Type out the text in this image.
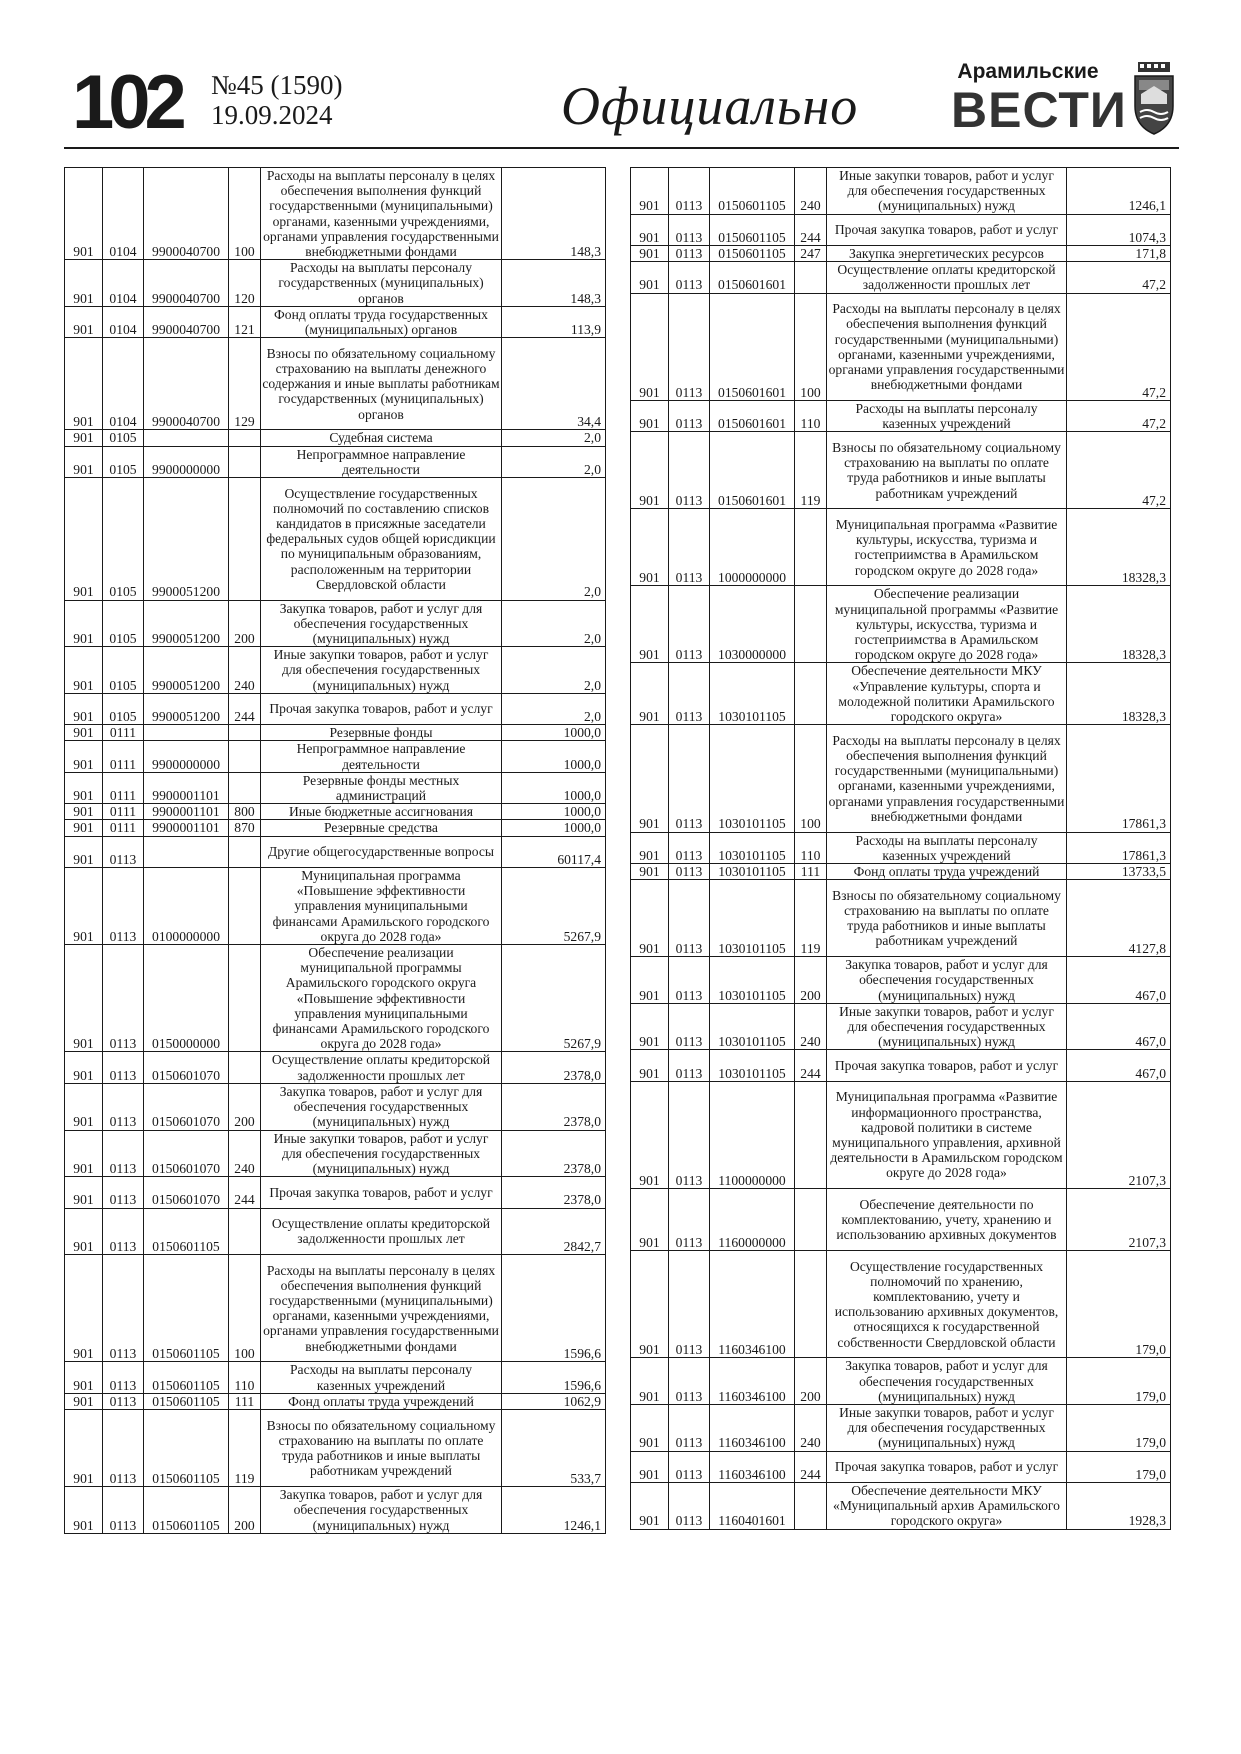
102 №45 (1590)
19.09.2024	Официально
Арамильские
ВЕСТИ
901	0104	9900040700	100	Расходы на выплаты персоналу в целях обеспечения выполнения функций государственными (муниципальными) органами, казенными учреждениями, органами управления государственными внебюджетными фондами	148,3
901	0104	9900040700	120	Расходы на выплаты персоналу государственных (муниципальных) органов	148,3
901	0104	9900040700	121	Фонд оплаты труда государственных (муниципальных) органов	113,9
901	0104	9900040700	129	Взносы по обязательному социальному страхованию на выплаты денежного содержания и иные выплаты работникам государственных (муниципальных) органов	34,4
901	0105			Судебная система	2,0
901	0105	9900000000		Непрограммное направление деятельности	2,0
901	0105	9900051200		Осуществление государственных полномочий по составлению списков кандидатов в присяжные заседатели федеральных судов общей юрисдикции по муниципальным образованиям, расположенным на территории Свердловской области	2,0
901	0105	9900051200	200	Закупка товаров, работ и услуг для обеспечения государственных (муниципальных) нужд	2,0
901	0105	9900051200	240	Иные закупки товаров, работ и услуг для обеспечения государственных (муниципальных) нужд	2,0
901	0105	9900051200	244	Прочая закупка товаров, работ и услуг	2,0
901	0111			Резервные фонды	1000,0
901	0111	9900000000		Непрограммное направление деятельности	1000,0
901	0111	9900001101		Резервные фонды местных администраций	1000,0
901	0111	9900001101	800	Иные бюджетные ассигнования	1000,0
901	0111	9900001101	870	Резервные средства	1000,0
901	0113			Другие общегосударственные вопросы	60117,4
901	0113	0100000000		Муниципальная программа «Повышение эффективности управления муниципальными финансами Арамильского городского округа до 2028 года»	5267,9
901	0113	0150000000		Обеспечение реализации муниципальной программы Арамильского городского округа «Повышение эффективности управления муниципальными финансами Арамильского городского округа до 2028 года»	5267,9
901	0113	0150601070		Осуществление оплаты кредиторской задолженности прошлых лет	2378,0
901	0113	0150601070	200	Закупка товаров, работ и услуг для обеспечения государственных (муниципальных) нужд	2378,0
901	0113	0150601070	240	Иные закупки товаров, работ и услуг для обеспечения государственных (муниципальных) нужд	2378,0
901	0113	0150601070	244	Прочая закупка товаров, работ и услуг	2378,0
901	0113	0150601105		Осуществление оплаты кредиторской задолженности прошлых лет	2842,7
901	0113	0150601105	100	Расходы на выплаты персоналу в целях обеспечения выполнения функций государственными (муниципальными) органами, казенными учреждениями, органами управления государственными внебюджетными фондами	1596,6
901	0113	0150601105	110	Расходы на выплаты персоналу казенных учреждений	1596,6
901	0113	0150601105	111	Фонд оплаты труда учреждений	1062,9
901	0113	0150601105	119	Взносы по обязательному социальному страхованию на выплаты по оплате труда работников и иные выплаты работникам учреждений	533,7
901	0113	0150601105	200	Закупка товаров, работ и услуг для обеспечения государственных (муниципальных) нужд	1246,1
901	0113	0150601105	240	Иные закупки товаров, работ и услуг для обеспечения государственных (муниципальных) нужд	1246,1
901	0113	0150601105	244	Прочая закупка товаров, работ и услуг	1074,3
901	0113	0150601105	247	Закупка энергетических ресурсов	171,8
901	0113	0150601601		Осуществление оплаты кредиторской задолженности прошлых лет	47,2
901	0113	0150601601	100	Расходы на выплаты персоналу в целях обеспечения выполнения функций государственными (муниципальными) органами, казенными учреждениями, органами управления государственными внебюджетными фондами	47,2
901	0113	0150601601	110	Расходы на выплаты персоналу казенных учреждений	47,2
901	0113	0150601601	119	Взносы по обязательному социальному страхованию на выплаты по оплате труда работников и иные выплаты работникам учреждений	47,2
901	0113	1000000000		Муниципальная программа «Развитие культуры, искусства, туризма и гостеприимства в Арамильском городском округе до 2028 года»	18328,3
901	0113	1030000000		Обеспечение реализации муниципальной программы «Развитие культуры, искусства, туризма и гостеприимства в Арамильском городском округе до 2028 года»	18328,3
901	0113	1030101105		Обеспечение деятельности МКУ «Управление культуры, спорта и молодежной политики Арамильского городского округа»	18328,3
901	0113	1030101105	100	Расходы на выплаты персоналу в целях обеспечения выполнения функций государственными (муниципальными) органами, казенными учреждениями, органами управления государственными внебюджетными фондами	17861,3
901	0113	1030101105	110	Расходы на выплаты персоналу казенных учреждений	17861,3
901	0113	1030101105	111	Фонд оплаты труда учреждений	13733,5
901	0113	1030101105	119	Взносы по обязательному социальному страхованию на выплаты по оплате труда работников и иные выплаты работникам учреждений	4127,8
901	0113	1030101105	200	Закупка товаров, работ и услуг для обеспечения государственных (муниципальных) нужд	467,0
901	0113	1030101105	240	Иные закупки товаров, работ и услуг для обеспечения государственных (муниципальных) нужд	467,0
901	0113	1030101105	244	Прочая закупка товаров, работ и услуг	467,0
901	0113	1100000000		Муниципальная программа «Развитие информационного пространства, кадровой политики в системе муниципального управления, архивной деятельности в Арамильском городском округе до 2028 года»	2107,3
901	0113	1160000000		Обеспечение деятельности по комплектованию, учету, хранению и использованию архивных документов	2107,3
901	0113	1160346100		Осуществление государственных полномочий по хранению, комплектованию, учету и использованию архивных документов, относящихся к государственной собственности Свердловской области	179,0
901	0113	1160346100	200	Закупка товаров, работ и услуг для обеспечения государственных (муниципальных) нужд	179,0
901	0113	1160346100	240	Иные закупки товаров, работ и услуг для обеспечения государственных (муниципальных) нужд	179,0
901	0113	1160346100	244	Прочая закупка товаров, работ и услуг	179,0
901	0113	1160401601		Обеспечение деятельности МКУ «Муниципальный архив Арамильского городского округа»	1928,3
